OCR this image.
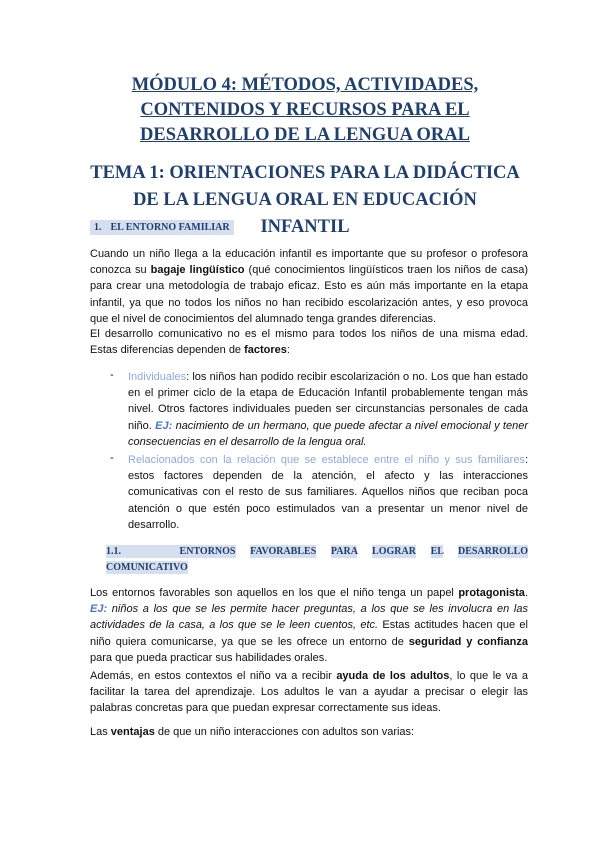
MÓDULO 4: MÉTODOS, ACTIVIDADES, CONTENIDOS Y RECURSOS PARA EL DESARROLLO DE LA LENGUA ORAL
TEMA 1: ORIENTACIONES PARA LA DIDÁCTICA DE LA LENGUA ORAL EN EDUCACIÓN INFANTIL
1. EL ENTORNO FAMILIAR
Cuando un niño llega a la educación infantil es importante que su profesor o profesora conozca su bagaje lingüístico (qué conocimientos lingüísticos traen los niños de casa) para crear una metodología de trabajo eficaz. Esto es aún más importante en la etapa infantil, ya que no todos los niños no han recibido escolarización antes, y eso provoca que el nivel de conocimientos del alumnado tenga grandes diferencias.
El desarrollo comunicativo no es el mismo para todos los niños de una misma edad. Estas diferencias dependen de factores:
- Individuales: los niños han podido recibir escolarización o no. Los que han estado en el primer ciclo de la etapa de Educación Infantil probablemente tengan más nivel. Otros factores individuales pueden ser circunstancias personales de cada niño. EJ: nacimiento de un hermano, que puede afectar a nivel emocional y tener consecuencias en el desarrollo de la lengua oral.
- Relacionados con la relación que se establece entre el niño y sus familiares: estos factores dependen de la atención, el afecto y las interacciones comunicativas con el resto de sus familiares. Aquellos niños que reciban poca atención o que estén poco estimulados van a presentar un menor nivel de desarrollo.
1.1.	ENTORNOS FAVORABLES PARA LOGRAR EL DESARROLLO
COMUNICATIVO
Los entornos favorables son aquellos en los que el niño tenga un papel protagonista. EJ: niños a los que se les permite hacer preguntas, a los que se les involucra en las actividades de la casa, a los que se le leen cuentos, etc. Estas actitudes hacen que el niño quiera comunicarse, ya que se les ofrece un entorno de seguridad y confianza para que pueda practicar sus habilidades orales.
Además, en estos contextos el niño va a recibir ayuda de los adultos, lo que le va a facilitar la tarea del aprendizaje. Los adultos le van a ayudar a precisar o elegir las palabras concretas para que puedan expresar correctamente sus ideas.
Las ventajas de que un niño interacciones con adultos son varias:
